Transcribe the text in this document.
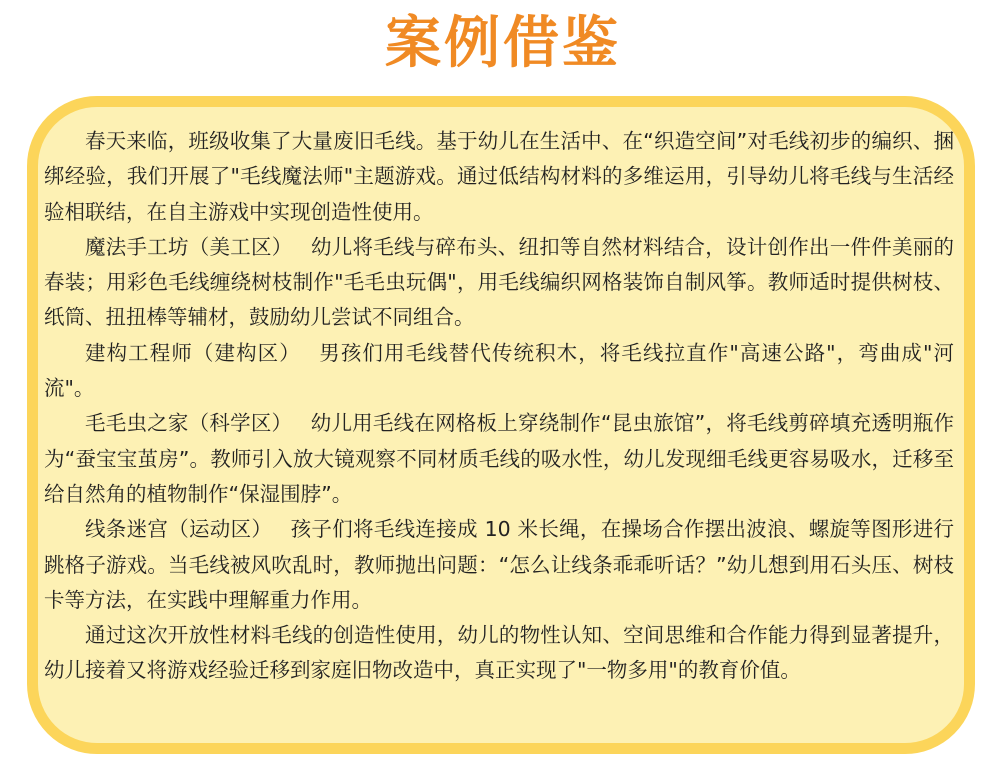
案例借鉴

春天来临，班级收集了大量废旧毛线。基于幼儿在生活中、在“织造空间”对毛线初步的编织、捆绑经验，我们开展了"毛线魔法师"主题游戏。通过低结构材料的多维运用，引导幼儿将毛线与生活经验相联结，在自主游戏中实现创造性使用。

魔法手工坊（美工区） 幼儿将毛线与碎布头、纽扣等自然材料结合，设计创作出一件件美丽的春装；用彩色毛线缠绕树枝制作"毛毛虫玩偶"，用毛线编织网格装饰自制风筝。教师适时提供树枝、纸筒、扭扭棒等辅材，鼓励幼儿尝试不同组合。

建构工程师（建构区） 男孩们用毛线替代传统积木，将毛线拉直作"高速公路"，弯曲成"河流"。

毛毛虫之家（科学区） 幼儿用毛线在网格板上穿绕制作“昆虫旅馆”，将毛线剪碎填充透明瓶作为“蚕宝宝茧房”。教师引入放大镜观察不同材质毛线的吸水性，幼儿发现细毛线更容易吸水，迁移至给自然角的植物制作“保湿围脖”。

线条迷宫（运动区） 孩子们将毛线连接成 10 米长绳，在操场合作摆出波浪、螺旋等图形进行跳格子游戏。当毛线被风吹乱时，教师抛出问题：“怎么让线条乖乖听话？”幼儿想到用石头压、树枝卡等方法，在实践中理解重力作用。

通过这次开放性材料毛线的创造性使用，幼儿的物性认知、空间思维和合作能力得到显著提升，幼儿接着又将游戏经验迁移到家庭旧物改造中，真正实现了"一物多用"的教育价值。
